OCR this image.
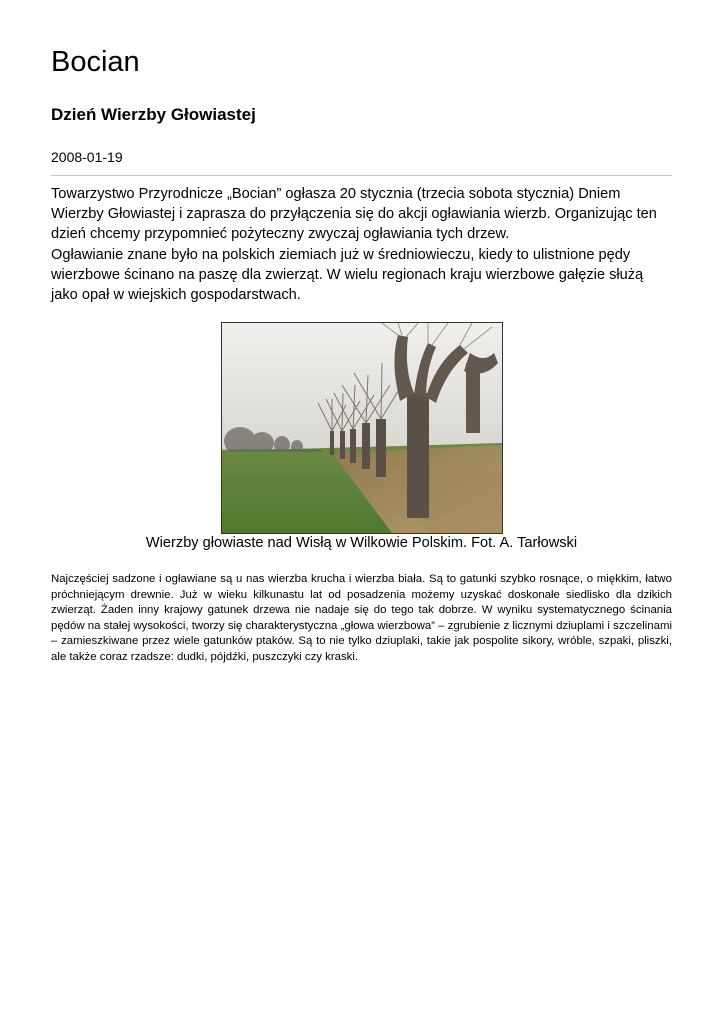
Bocian
Dzień Wierzby Głowiastej
2008-01-19

Towarzystwo Przyrodnicze „Bocian” ogłasza 20 stycznia (trzecia sobota stycznia) Dniem Wierzby Głowiastej i zaprasza do przyłączenia się do akcji ogławiania wierzb. Organizując ten dzień chcemy przypomnieć pożyteczny zwyczaj ogławiania tych drzew.

Ogławianie znane było na polskich ziemiach już w średniowieczu, kiedy to ulistnione pędy wierzbowe ścinano na paszę dla zwierząt. W wielu regionach kraju wierzbowe gałęzie służą jako opał w wiejskich gospodarstwach.

Wierzby głowiaste nad Wisłą w Wilkowie Polskim. Fot. A. Tarłowski

Najczęściej sadzone i ogławiane są u nas wierzba krucha i wierzba biała. Są to gatunki szybko rosnące, o miękkim, łatwo próchniejącym drewnie. Już w wieku kilkunastu lat od posadzenia możemy uzyskać doskonałe siedlisko dla dzikich zwierząt. Żaden inny krajowy gatunek drzewa nie nadaje się do tego tak dobrze. W wyniku systematycznego ścinania pędów na stałej wysokości, tworzy się charakterystyczna „głowa wierzbowa” – zgrubienie z licznymi dziuplami i szczelinami – zamieszkiwane przez wiele gatunków ptaków. Są to nie tylko dziuplaki, takie jak pospolite sikory, wróble, szpaki, pliszki, ale także coraz rzadsze: dudki, pójdźki, puszczyki czy kraski.
